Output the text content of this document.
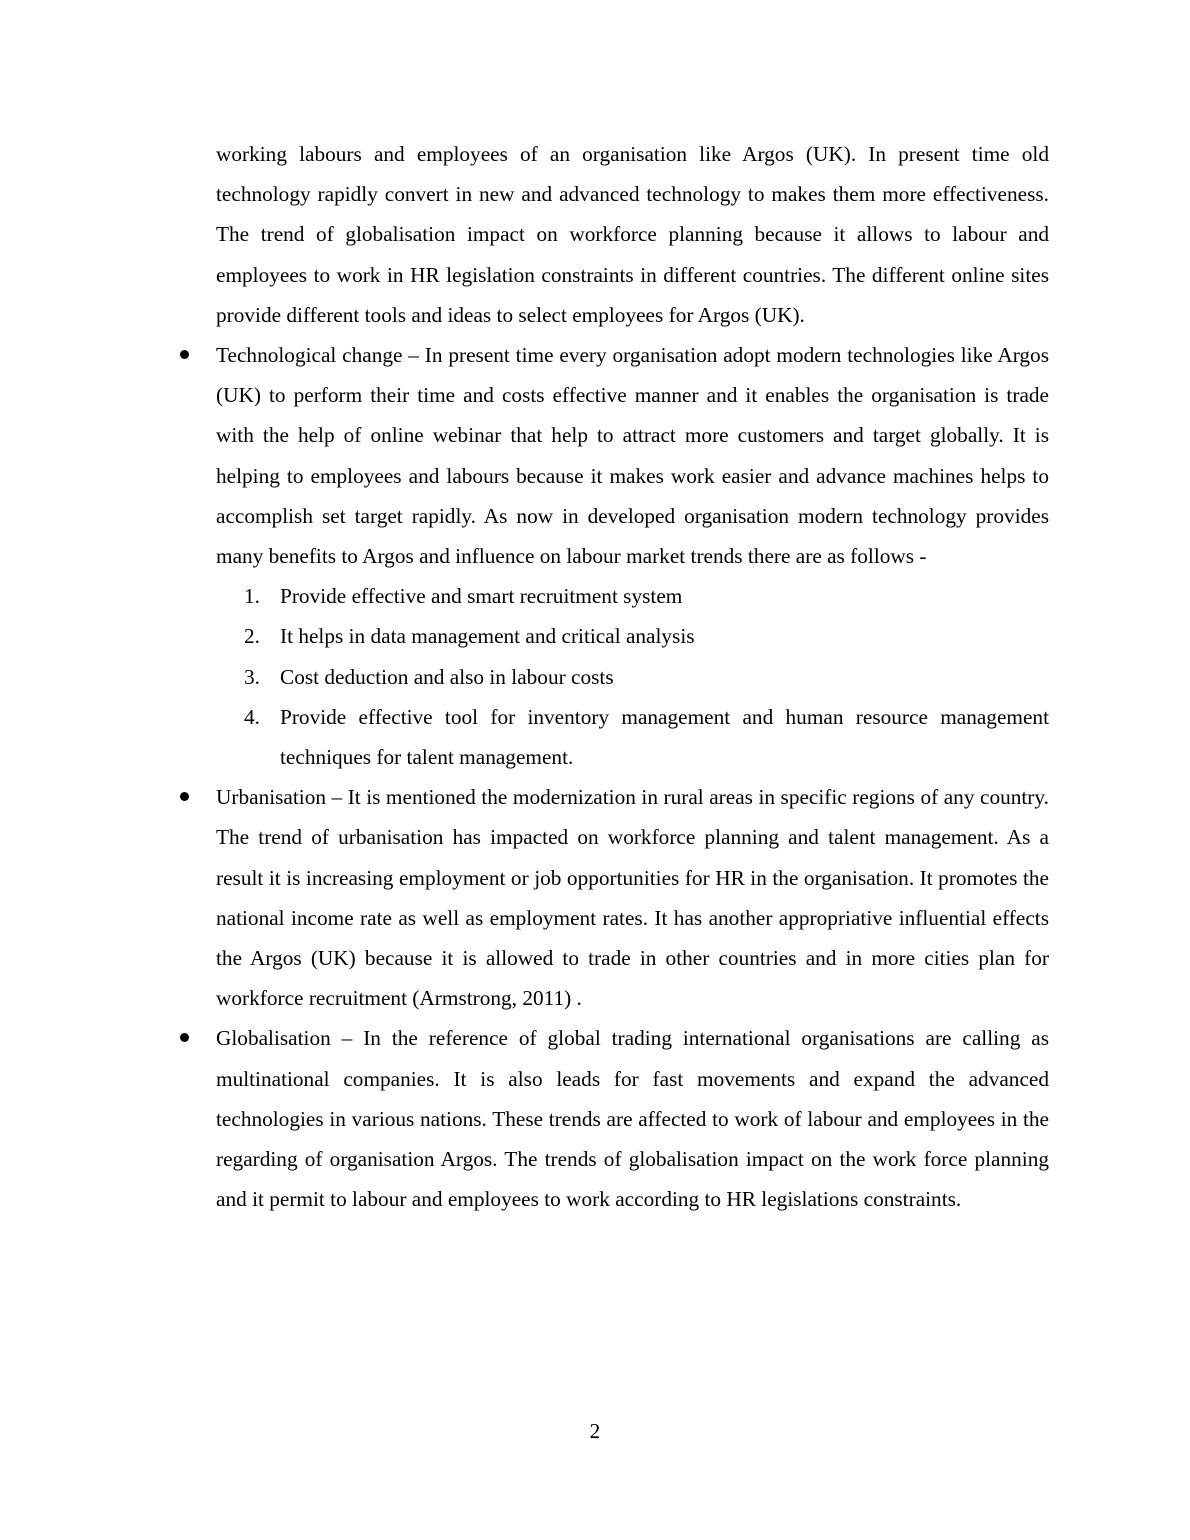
working labours and employees of an organisation like Argos (UK). In present time old technology rapidly convert in new and advanced technology to makes them more effectiveness. The trend of globalisation impact on workforce planning because it allows to labour and employees to work in HR legislation constraints in different countries. The different online sites provide different tools and ideas to select employees for Argos (UK).

Technological change – In present time every organisation adopt modern technologies like Argos (UK) to perform their time and costs effective manner and it enables the organisation is trade with the help of online webinar that help to attract more customers and target globally. It is helping to employees and labours because it makes work easier and advance machines helps to accomplish set target rapidly. As now in developed organisation modern technology provides many benefits to Argos and influence on labour market trends there are as follows -
1. Provide effective and smart recruitment system
2. It helps in data management and critical analysis
3. Cost deduction and also in labour costs
4. Provide effective tool for inventory management and human resource management techniques for talent management.
Urbanisation – It is mentioned the modernization in rural areas in specific regions of any country. The trend of urbanisation has impacted on workforce planning and talent management. As a result it is increasing employment or job opportunities for HR in the organisation. It promotes the national income rate as well as employment rates. It has another appropriative influential effects the Argos (UK) because it is allowed to trade in other countries and in more cities plan for workforce recruitment (Armstrong, 2011) .
Globalisation – In the reference of global trading international organisations are calling as multinational companies. It is also leads for fast movements and expand the advanced technologies in various nations. These trends are affected to work of labour and employees in the regarding of organisation Argos. The trends of globalisation impact on the work force planning and it permit to labour and employees to work according to HR legislations constraints.
2
